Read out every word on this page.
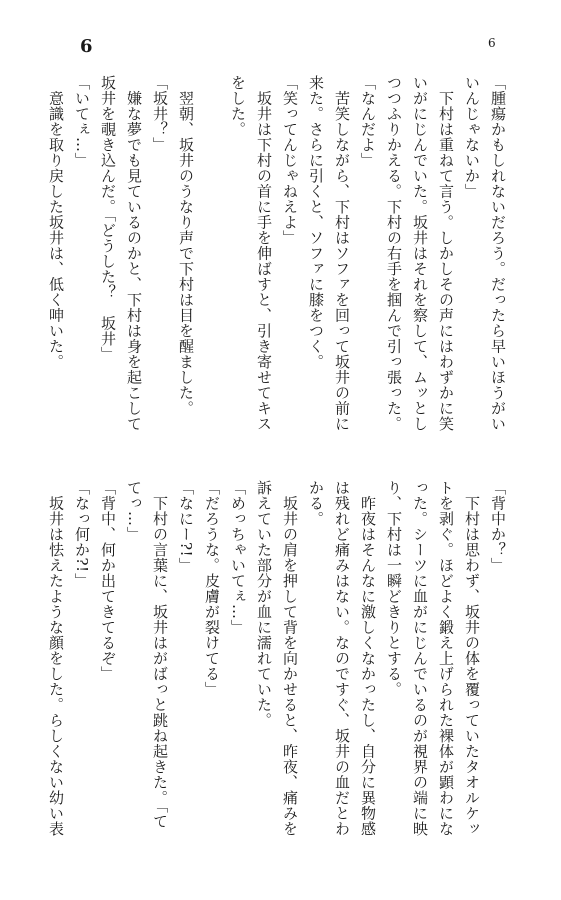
6	6
「腫瘍かもしれないだろう。だったら早いほうがい
いんじゃないか」
　下村は重ねて言う。しかしその声にはわずかに笑
いがにじんでいた。坂井はそれを察して、ムッとし
つつふりかえる。下村の右手を掴んで引っ張った。
「なんだよ」
　苦笑しながら、下村はソファを回って坂井の前に
来た。さらに引くと、ソファに膝をつく。
「笑ってんじゃねえよ」
　坂井は下村の首に手を伸ばすと、引き寄せてキス
をした。

　翌朝、坂井のうなり声で下村は目を醒ました。
「坂井？」
　嫌な夢でも見ているのかと、下村は身を起こして
坂井を覗き込んだ。「どうした？　坂井」
「いてぇ…」
　意識を取り戻した坂井は、低く呻いた。
「背中か？」
　下村は思わず、坂井の体を覆っていたタオルケッ
トを剥ぐ。ほどよく鍛え上げられた裸体が顕わにな
った。シーツに血がにじんでいるのが視界の端に映
り、下村は一瞬どきりとする。
　昨夜はそんなに激しくなかったし、自分に異物感
は残れど痛みはない。なのですぐ、坂井の血だとわ
かる。
　坂井の肩を押して背を向かせると、昨夜、痛みを
訴えていた部分が血に濡れていた。
「めっちゃいてぇ…」
「だろうな。皮膚が裂けてる」
「なにー?!」
　下村の言葉に、坂井はがばっと跳ね起きた。「て
てっ…」
「背中、何か出てきてるぞ」
「なっ何か?!」
　坂井は怯えたような顔をした。らしくない幼い表
